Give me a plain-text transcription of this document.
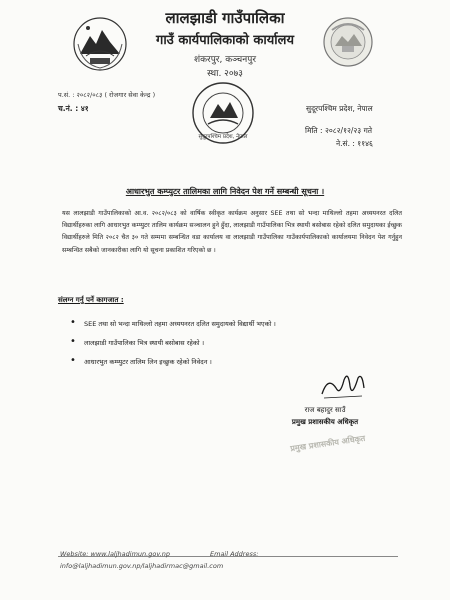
लालझाडी गाउँपालिका
गाउँ कार्यपालिकाको कार्यालय
शंकरपुर, कञ्चनपुर
स्था. २०७३
प.सं. : २०८२/०८३ ( रोजगार सेवा केन्द्र )
च.नं. : ४१
सुदूरपश्चिम प्रदेश, नेपाल
सुदूरपश्चिम प्रदेश, नेपाल
मिति : २०८२/१२/२३ गते
ने.सं. : ११४६
आधारभुत कम्प्युटर तालिमका लागि निवेदन पेश गर्ने सम्बन्धी सूचना ।
यस लालझाडी गाउँपालिकाको आ.व. २०८२/०८३ को वार्षिक स्वीकृत कार्यक्रम अनुसार SEE तथा सो भन्दा माथिल्लो तहमा अध्ययनरत दलित विद्यार्थीहरुका लागि आधारभुत कम्प्युटर तालिम कार्यक्रम सञ्चालन हुने हुँदा, लालझाडी गाउँपालिका भित्र स्थायी बसोबास रहेको दलित समुदायका ईच्छुक विद्यार्थीहरुले मिति २०८२ चैत ३० गते सम्ममा सम्बन्धित वडा कार्यालय वा लालझाडी गाउँपालिका गाउँकार्यपालिकाको कार्यालयमा निवेदन पेश गर्नुहुन सम्बन्धित सबैको जानकारीका लागि यो सूचना प्रकाशित गरिएको छ ।
संलग्न गर्नु पर्ने कागजात :
• SEE तथा सो भन्दा माथिल्लो तहमा अध्ययनरत दलित समुदायको विद्यार्थी भएको ।
• लालझाडी गाउँपालिका भित्र स्थायी बसोबास रहेको ।
• आधारभुत कम्प्युटर तालिम लिन इच्छुक रहेको निवेदन ।
राज बहादुर साउँ
प्रमुख प्रशासकीय अधिकृत
प्रमुख प्रशासकीय अधिकृत
Website: www.laljhadimun.gov.np	Email Address:
info@laljhadimun.gov.np/laljhadirmac@gmail.com
